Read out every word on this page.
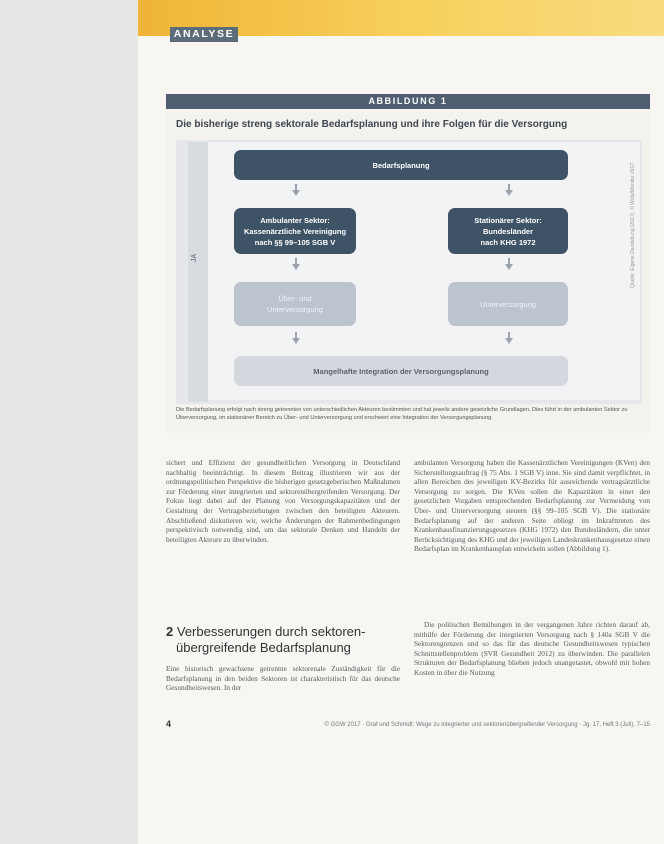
ANALYSE
ABBILDUNG 1
Die bisherige streng sektorale Bedarfsplanung und ihre Folgen für die Versorgung
JA
Bedarfsplanung
Ambulanter Sektor:
Kassenärztliche Vereinigung
nach §§ 99–105 SGB V
Stationärer Sektor:
Bundesländer
nach KHG 1972
Über- und
Unterversorgung
Unterversorgung
Mangelhafte Integration der Versorgungsplanung
Die Bedarfsplanung erfolgt nach streng getrennten von unterschiedlichen Akteuren bestimmten und hat jeweils andere gesetzliche Grundlagen. Dies führt in der ambulanten Sektor zu Überversorgung, im stationären Bereich zu Über- und Unterversorgung und erschwert eine Integration der Versorgungsplanung.
Quelle: Eigene Darstellung (2017), © Wido/Monitor 2017

sichert und Effizienz der gesundheitlichen Versorgung in Deutschland nachhaltig beeinträchtigt. In diesem Beitrag illustrieren wir aus der ordnungspolitischen Perspektive die bisherigen gesetzgeberischen Maßnahmen zur Förderung einer integrierten und sektorenübergreifenden Versorgung. Der Fokus liegt dabei auf der Planung von Versorgungskapazitäten und der Gestaltung der Vertragsbeziehungen zwischen den beteiligten Akteuren. Abschließend diskutieren wir, welche Änderungen der Rahmenbedingungen perspektivisch notwendig sind, um das sektorale Denken und Handeln der beteiligten Akteure zu überwinden.

2 Verbesserungen durch sektoren-
übergreifende Bedarfsplanung

Eine historisch gewachsene getrennte sektorenale Zuständigkeit für die Bedarfsplanung in den beiden Sektoren ist charakteristisch für das deutsche Gesundheitswesen. In der

ambulanten Versorgung haben die Kassenärztlichen Vereinigungen (KVen) den Sicherstellungsauftrag (§ 75 Abs. 1 SGB V) inne. Sie sind damit verpflichtet, in allen Bereichen des jeweiligen KV-Bezirks für ausreichende vertragsärztliche Versorgung zu sorgen. Die KVen sollen die Kapazitäten in einer den gesetzlichen Vorgaben entsprechenden Bedarfsplanung zur Vermeidung von Über- und Unterversorgung steuern (§§ 99–105 SGB V). Die stationäre Bedarfsplanung auf der anderen Seite obliegt im Inkrafttreten des Krankenhausfinanzierungsgesetzes (KHG 1972) den Bundesländern, die unter Berücksichtigung des KHG und der jeweiligen Landeskrankenhausgesetze einen Bedarfsplan im Krankenhausplan entwickeln sollen (Abbildung 1).

Die politischen Bemühungen in der vergangenen Jahre richten darauf ab, mithilfe der Förderung der integrierten Versorgung nach § 140a SGB V die Sektorengrenzen und so das für das deutsche Gesundheitswesen typischen Schnittstellenproblem (SVR Gesundheit 2012) zu überwinden. Die parallelen Strukturen der Bedarfsplanung blieben jedoch unangetastet, obwohl mit hohen Kosten in über die Nutzung

4	© GGW 2017 · Graf und Schmidt: Wege zu integrierter und sektorenübergreifender Versorgung · Jg. 17, Heft 3 (Juli), 7–15
